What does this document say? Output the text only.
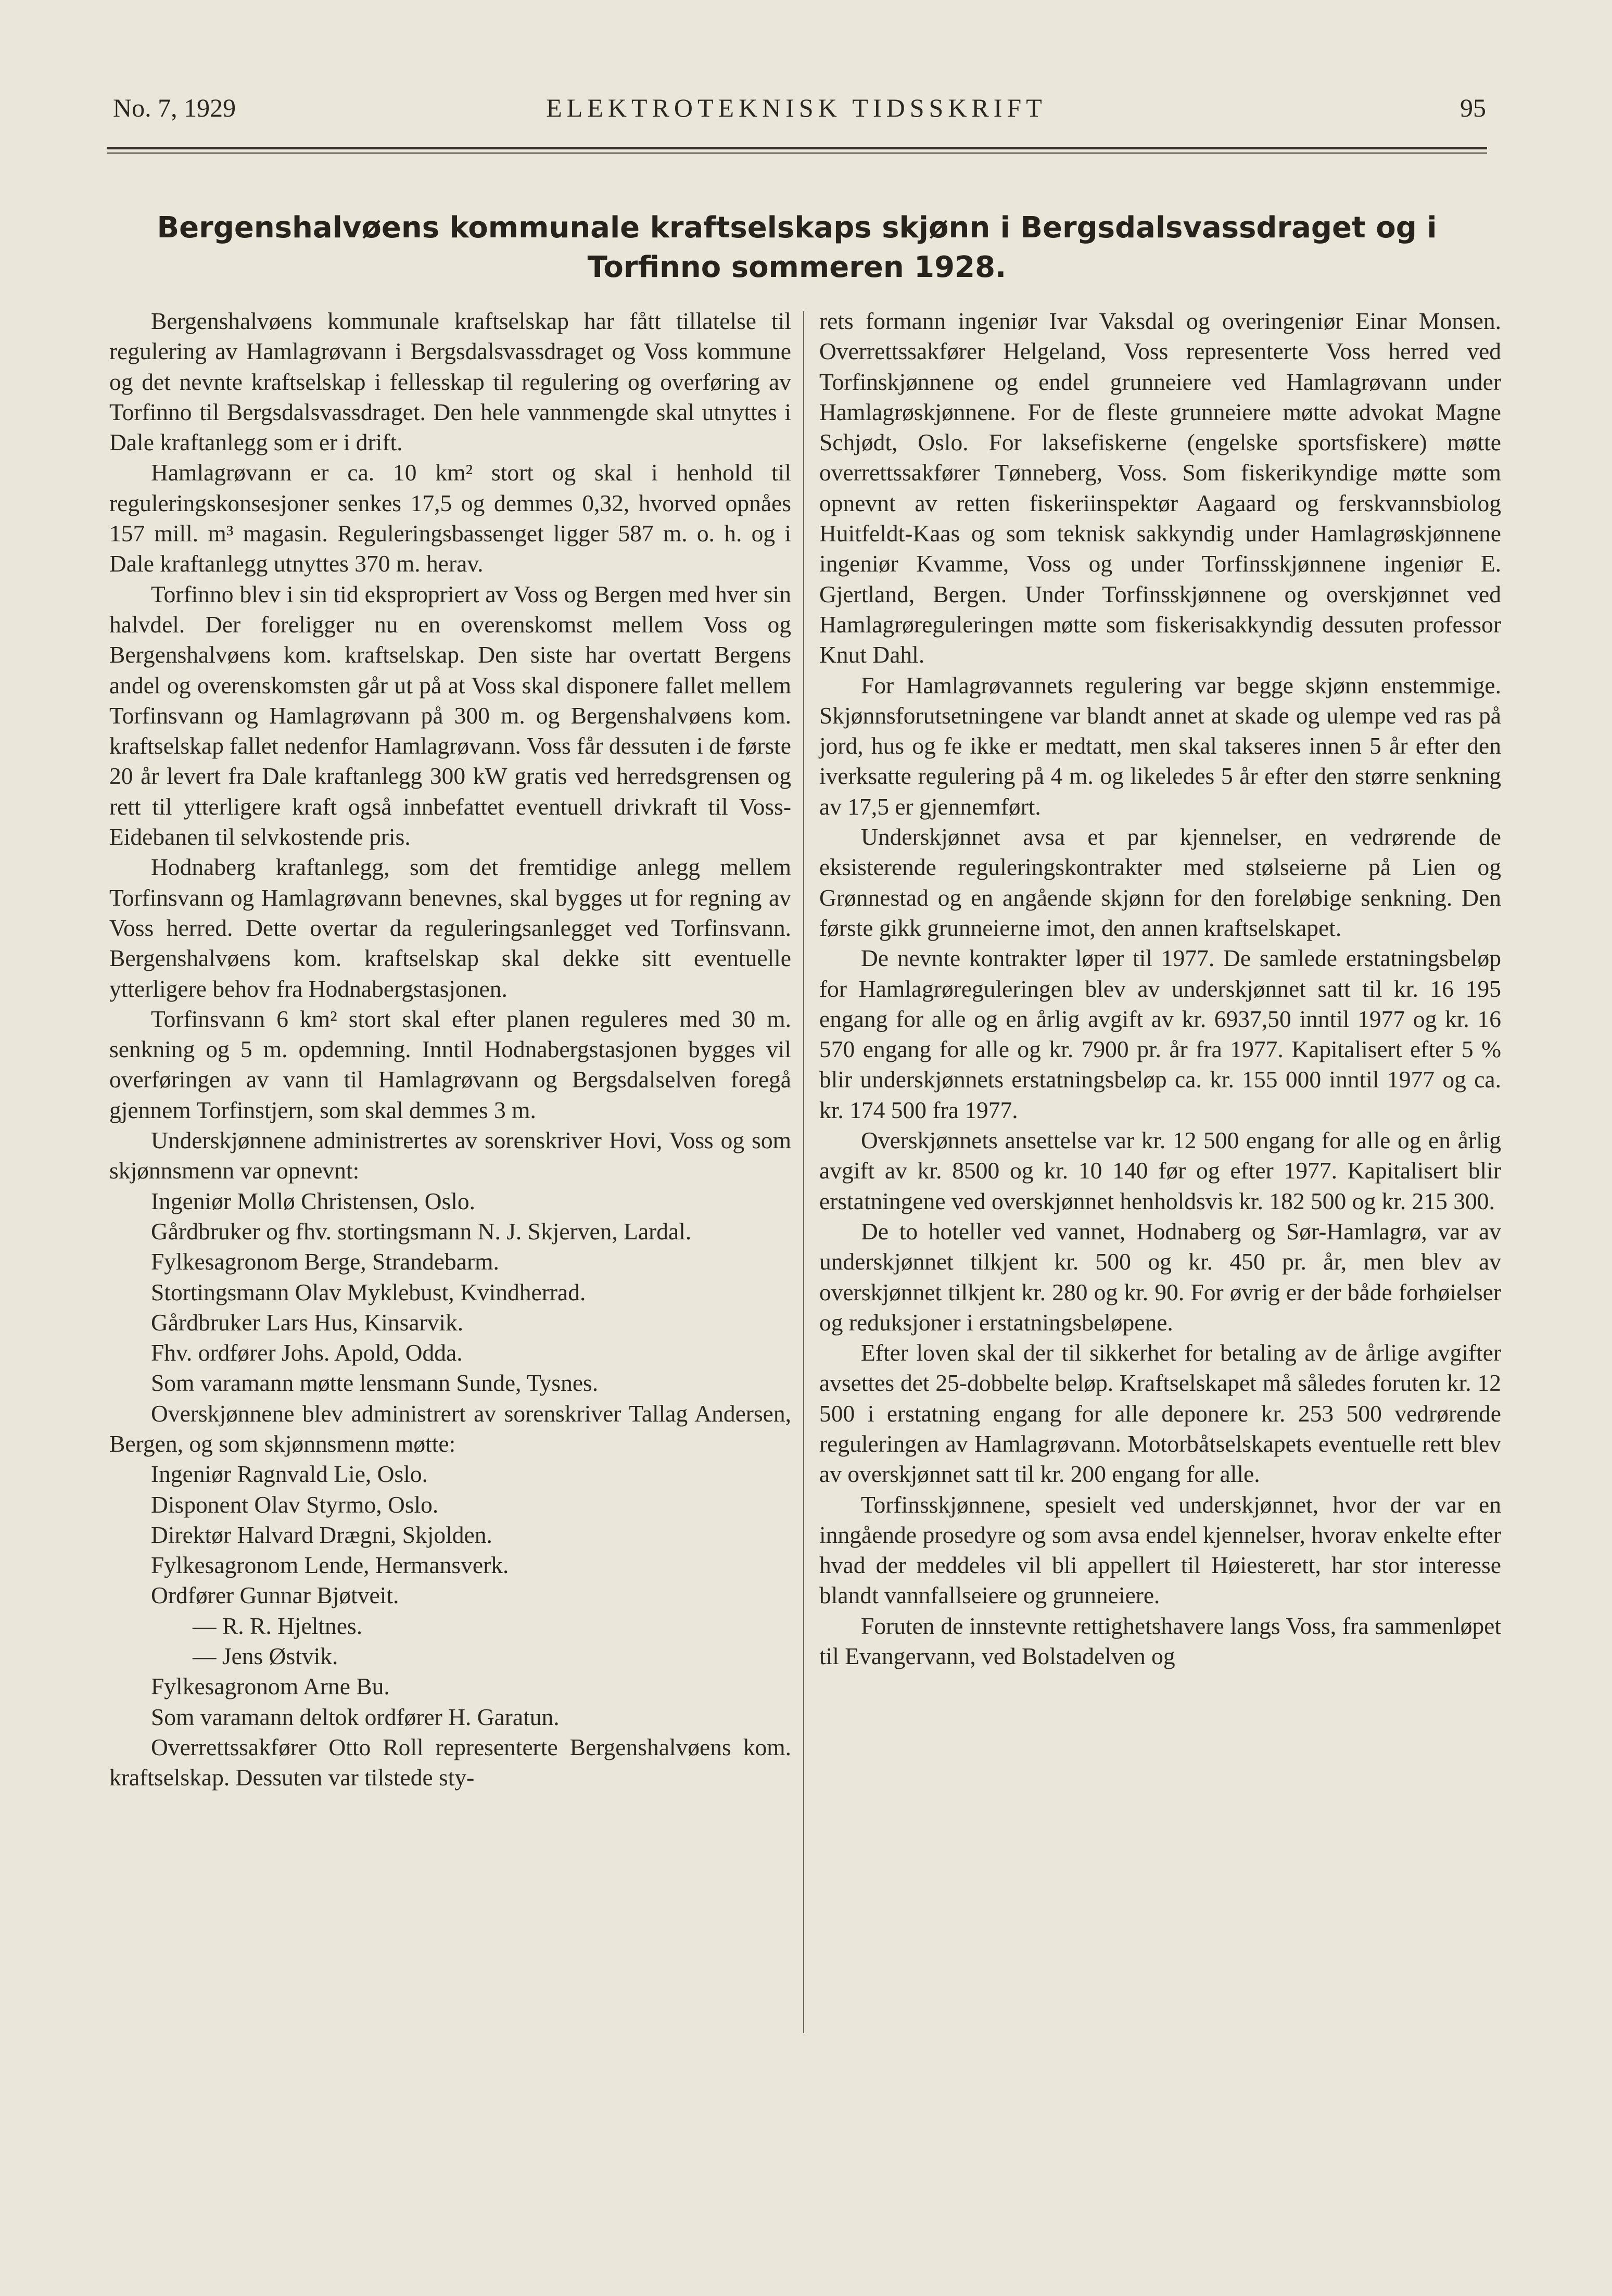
No. 7, 1929	ELEKTROTEKNISK TIDSSKRIFT	95
Bergenshalvøens kommunale kraftselskaps skjønn i Bergsdalsvassdraget og i Torfinno sommeren 1928.

Bergenshalvøens kommunale kraftselskap har fått tillatelse til regulering av Hamlagrøvann i Bergsdalsvassdraget og Voss kommune og det nevnte kraftselskap i fellesskap til regulering og overføring av Torfinno til Bergsdalsvassdraget. Den hele vannmengde skal utnyttes i Dale kraftanlegg som er i drift.

Hamlagrøvann er ca. 10 km² stort og skal i henhold til reguleringskonsesjoner senkes 17,5 og demmes 0,32, hvorved opnåes 157 mill. m³ magasin. Reguleringsbassenget ligger 587 m. o. h. og i Dale kraftanlegg utnyttes 370 m. herav.

Torfinno blev i sin tid ekspropriert av Voss og Bergen med hver sin halvdel. Der foreligger nu en overenskomst mellem Voss og Bergenshalvøens kom. kraftselskap. Den siste har overtatt Bergens andel og overenskomsten går ut på at Voss skal disponere fallet mellem Torfinsvann og Hamlagrøvann på 300 m. og Bergenshalvøens kom. kraftselskap fallet nedenfor Hamlagrøvann. Voss får dessuten i de første 20 år levert fra Dale kraftanlegg 300 kW gratis ved herredsgrensen og rett til ytterligere kraft også innbefattet eventuell drivkraft til Voss-Eidebanen til selvkostende pris.

Hodnaberg kraftanlegg, som det fremtidige anlegg mellem Torfinsvann og Hamlagrøvann benevnes, skal bygges ut for regning av Voss herred. Dette overtar da reguleringsanlegget ved Torfinsvann. Bergenshalvøens kom. kraftselskap skal dekke sitt eventuelle ytterligere behov fra Hodnabergstasjonen.

Torfinsvann 6 km² stort skal efter planen reguleres med 30 m. senkning og 5 m. opdemning. Inntil Hodnabergstasjonen bygges vil overføringen av vann til Hamlagrøvann og Bergsdalselven foregå gjennem Torfinstjern, som skal demmes 3 m.

Underskjønnene administrertes av sorenskriver Hovi, Voss og som skjønnsmenn var opnevnt:

Ingeniør Mollø Christensen, Oslo.

Gårdbruker og fhv. stortingsmann N. J. Skjerven, Lardal.

Fylkesagronom Berge, Strandebarm.

Stortingsmann Olav Myklebust, Kvindherrad.

Gårdbruker Lars Hus, Kinsarvik.

Fhv. ordfører Johs. Apold, Odda.

Som varamann møtte lensmann Sunde, Tysnes.

Overskjønnene blev administrert av sorenskriver Tallag Andersen, Bergen, og som skjønnsmenn møtte:

Ingeniør Ragnvald Lie, Oslo.

Disponent Olav Styrmo, Oslo.

Direktør Halvard Drægni, Skjolden.

Fylkesagronom Lende, Hermansverk.

Ordfører Gunnar Bjøtveit.

— R. R. Hjeltnes.

— Jens Østvik.

Fylkesagronom Arne Bu.

Som varamann deltok ordfører H. Garatun.

Overrettssakfører Otto Roll representerte Bergenshalvøens kom. kraftselskap. Dessuten var tilstede sty-

rets formann ingeniør Ivar Vaksdal og overingeniør Einar Monsen. Overrettssakfører Helgeland, Voss representerte Voss herred ved Torfinskjønnene og endel grunneiere ved Hamlagrøvann under Hamlagrøskjønnene. For de fleste grunneiere møtte advokat Magne Schjødt, Oslo. For laksefiskerne (engelske sportsfiskere) møtte overrettssakfører Tønneberg, Voss. Som fiskerikyndige møtte som opnevnt av retten fiskeriinspektør Aagaard og ferskvannsbiolog Huitfeldt-Kaas og som teknisk sakkyndig under Hamlagrøskjønnene ingeniør Kvamme, Voss og under Torfinsskjønnene ingeniør E. Gjertland, Bergen. Under Torfinsskjønnene og overskjønnet ved Hamlagrøreguleringen møtte som fiskerisakkyndig dessuten professor Knut Dahl.

For Hamlagrøvannets regulering var begge skjønn enstemmige. Skjønnsforutsetningene var blandt annet at skade og ulempe ved ras på jord, hus og fe ikke er medtatt, men skal takseres innen 5 år efter den iverksatte regulering på 4 m. og likeledes 5 år efter den større senkning av 17,5 er gjennemført.

Underskjønnet avsa et par kjennelser, en vedrørende de eksisterende reguleringskontrakter med stølseierne på Lien og Grønnestad og en angående skjønn for den foreløbige senkning. Den første gikk grunneierne imot, den annen kraftselskapet.

De nevnte kontrakter løper til 1977. De samlede erstatningsbeløp for Hamlagrøreguleringen blev av underskjønnet satt til kr. 16 195 engang for alle og en årlig avgift av kr. 6937,50 inntil 1977 og kr. 16 570 engang for alle og kr. 7900 pr. år fra 1977. Kapitalisert efter 5 % blir underskjønnets erstatningsbeløp ca. kr. 155 000 inntil 1977 og ca. kr. 174 500 fra 1977.

Overskjønnets ansettelse var kr. 12 500 engang for alle og en årlig avgift av kr. 8500 og kr. 10 140 før og efter 1977. Kapitalisert blir erstatningene ved overskjønnet henholdsvis kr. 182 500 og kr. 215 300.

De to hoteller ved vannet, Hodnaberg og Sør-Hamlagrø, var av underskjønnet tilkjent kr. 500 og kr. 450 pr. år, men blev av overskjønnet tilkjent kr. 280 og kr. 90. For øvrig er der både forhøielser og reduksjoner i erstatningsbeløpene.

Efter loven skal der til sikkerhet for betaling av de årlige avgifter avsettes det 25-dobbelte beløp. Kraftselskapet må således foruten kr. 12 500 i erstatning engang for alle deponere kr. 253 500 vedrørende reguleringen av Hamlagrøvann. Motorbåtselskapets eventuelle rett blev av overskjønnet satt til kr. 200 engang for alle.

Torfinsskjønnene, spesielt ved underskjønnet, hvor der var en inngående prosedyre og som avsa endel kjennelser, hvorav enkelte efter hvad der meddeles vil bli appellert til Høiesterett, har stor interesse blandt vannfallseiere og grunneiere.

Foruten de innstevnte rettighetshavere langs Voss, fra sammenløpet til Evangervann, ved Bolstadelven og
